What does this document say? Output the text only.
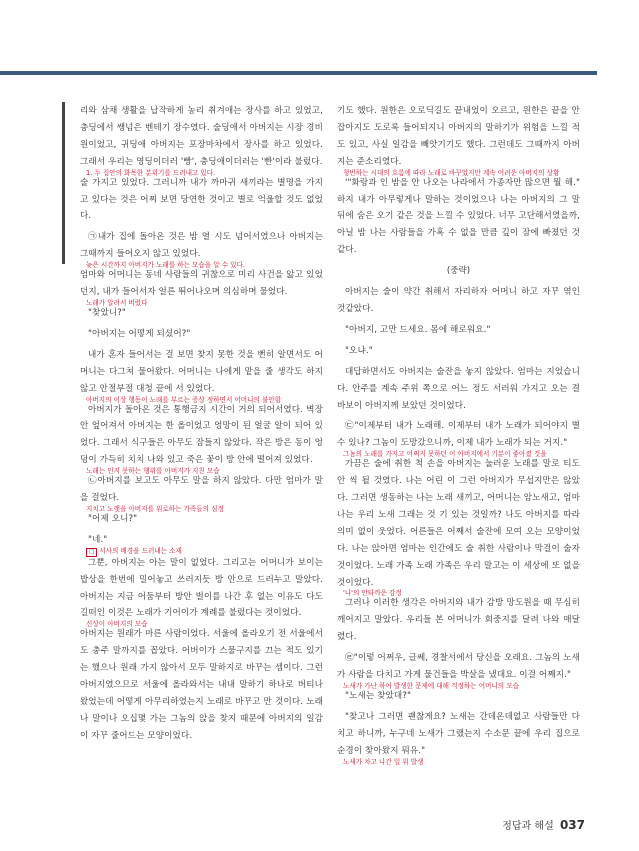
리와 삼채 생활을 납작하게 농리 취겨애는 장사를 하고 있었고, 충딩에서 쌩넘은 벤테기 장수였다. 술딩애서 아버지는 시장 경비원이었고, 귀딩애 아버지는 포장마차에서 장사를 하고 있었다. 그래서 우리는 영딩이더러 '빵', 충딩애이더러는 '빤'이라 불렀다.

1. 두 집안의 화목한 분위기를 드러내고 있다.

술 가지고 있었다. 그러니까 내가 까마귀 새끼라는 별명을 가지고 있다는 것은 어찌 보면 당연한 것이고 별로 억울할 것도 없었다.

㉠내가 집에 돌아온 것은 밤 열 시도 넘어서였으나 아버지는 그때까지 들어오지 않고 있었다.

늦은 시간까지 아버지가 노래를 하는 모습을 알 수 있다.

엄마와 어머니는 동네 사람들의 귀찮으로 미리 사건을 앓고 있었던지, 내가 들어서자 얼른 뛰어나오며 의심하며 물었다.

노래가 알려서 버렸다

"찾았니?"

"아버지는 어떻게 되셨어?"

내가 혼자 들어서는 걸 보면 찾지 못한 것을 뻔히 알면서도 어머니는 다그쳐 물어왔다. 어머니는 나에게 맡을 줄 생각도 하지 않고 안절부절 대청 끝에 서 있었다.

아버지의 이상 행동이 노래를 부르는 증상 정하면서 어머니의 불안함

아버지가 돌아온 것은 통행금지 시간이 거의 되어서였다. 벽장안 엎어져서 아버지는 한 올이었고 엉망이 된 얼굴 알이 되어 있었다. 그래서 식구들은 아무도 잠들지 않았다. 작은 방은 동이 엉덩이 가득히 치치 나와 있고 죽은 꽃이 방 안에 떨어져 있었다.

노래는 인지 못하는 행위를 아버지가 지친 모습

㉡아버지를 보고도 아무도 말을 하지 않았다. 다만 엄마가 말을 걸었다.

지치고 노랫을 아버지를 위로하는 가족들의 심정

"어제 오니?"

"네."

□ 서사의 배경을 드러내는 소재

그뿐, 아버지는 아는 말이 없었다. 그리고는 어머니가 보이는 밥상을 한번에 밀어놓고 쓰러지듯 방 안으로 드러누고 말았다. 아버지는 지금 어둠부터 방안 벌이를 나간 후 없는 이유도 다도 길떠인 이것은 노래가 기어이가 계례를 불렀다는 것이었다.

신상이 아버지의 모습

아버지는 원래가 마른 사람이었다. 서울에 올라오기 전 서울에서도 충주 말까지를 꼽았다. 어버이가 스물구지를 끄는 적도 있기는 했으나 원래 가지 않아서 모두 말하지로 바꾸는 셈이다. 그런 아버지였으므로 서울에 올라와서는 내내 말하기 하나로 버티나왔었는데 어떻게 아무리하였는지 노래로 바꾸고 만 것이다. 노래나 말이나 오십몇 가는 그놈의 앉을 찾지 때문에 아버지의 일감이 자꾸 줄어드는 모양이었다.

기도 했다. 원한은 오로딕길도 끝내었이 오르고, 원한은 끝을 안 잡아지도 도로록 들어되지니 아버지의 말하기가 위험을 느낄 적도 있고, 사실 일감을 빼앗기기도 했다. 그런데도 그때까지 아버지는 준소리였다.

청빈하는 시대의 흐름에 따라 노래로 바꾸었지만 계속 어려운 아버지의 상황

'"화랑과 인 밤을 안 나오는 나라에서 가종자만 많으면 뭘 해." 하지 내가 아무렇게나 말하는 것이었으나 나는 아버지의 그 말 뒤에 숨은 오기 같은 것을 느낄 수 있었다. 너무 고단해서였을까, 아닐 밤 나는 사람들을 가혹 수 없을 만큼 깊이 잠에 빠졌던 것 같다.

(중략)

아버지는 술이 약간 취해서 자리하자 어머니 하고 자꾸 엮인 것같았다.

"아버지, 고만 드세요. 몸에 해로워요."

"오냐."

대답하면서도 아버지는 술잔을 놓지 않았다. 엄마는 지었습니다. 안주를 계속 주위 쪽으로 어느 정도 서러워 가지고 오는 결 바보이 아버지께 보았던 것이었다.

㉢"이제부터 내가 노래해. 이제부터 내가 노래가 되어야지 별 수 있나? 그놈이 도망갔으니까, 이제 내가 노래가 되는 거지."

그놈의 노래를 가지고 어쩌지 못하던 이 아버지에서 기분이 좋아졌 것을

가끔은 술에 취한 척 손을 아버지는 눌러운 노래를 말로 티도 안 씩 될 것였다. 나는 어린 이 그런 아버지가 무섭지만은 않았다. 그러면 생동하는 나는 노래 새끼고, 어머니는 암노새고, 엄마나는 우리 노새 그래는 것 기 있는 것일까? 나도 아버지를 따라 의미 없이 웃었다. 어른들은 어째서 술잔에 모여 오는 모양이었다. 나는 앉아면 엄마는 인간에도 술 취한 사람이나 막걸이 술자 것이었다. 노래 가족 노래 가족은 우리 말고는 이 세상에 또 없을 것이었다.

'나'의 안타까운 감정

그러나 이러한 생각은 아버지와 내가 감방 망도원을 때 무심히 깨어지고 말았다. 우리들 본 어머니가 회중지를 달려 나와 매달렸다.

㉣"이렇 어쩌우, 글쎄, 경찰서에서 당신을 오래요. 그놈의 노새가 사람을 다치고 가게 물건들을 박살을 냈대요. 이걸 어째지."

노새가 가난 하여 발생한 문제에 대해 걱정하는 어머니의 모습

"노새는 찾았대?"

"찾고나 그러면 괜찮게요? 노새는 간데온데없고 사람들만 다치고 하니까, 누구네 노새가 그랬는지 수소문 끝에 우리 집으로 순경이 찾아왔지 뭐유."

노새가 차고 나간 일 위 발생
정답과 해설 037
